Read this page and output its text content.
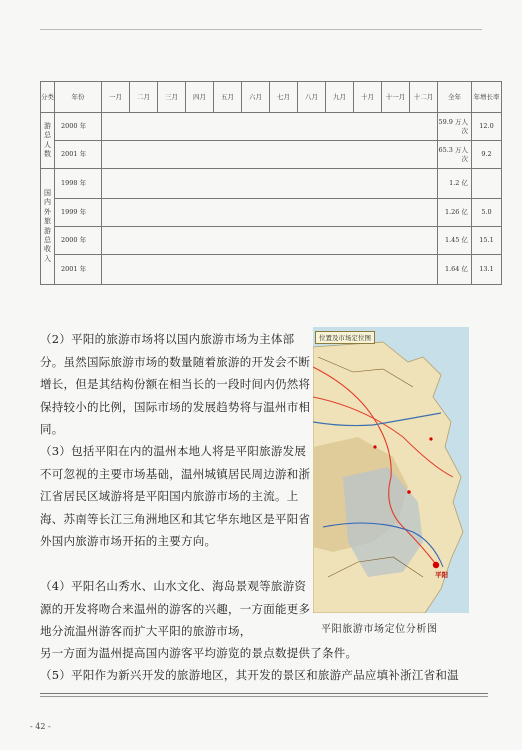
分类	年份	一月	二月	三月	四月	五月	六月	七月	八月	九月	十月	十一月	十二月	全年	年增长率
游总人数	2000 年													59.9 万人次	12.0
	2001 年													65.3 万人次	9.2
国内外旅游总收入	1998 年													1.2 亿	
	1999 年													1.26 亿	5.0
	2000 年													1.45 亿	15.1
	2001 年													1.64 亿	13.1

（2）平阳的旅游市场将以国内旅游市场为主体部分。虽然国际旅游市场的数量随着旅游的开发会不断增长，但是其结构份额在相当长的一段时间内仍然将保持较小的比例，国际市场的发展趋势将与温州市相同。

（3）包括平阳在内的温州本地人将是平阳旅游发展不可忽视的主要市场基础，温州城镇居民周边游和浙江省居民区域游将是平阳国内旅游市场的主流。上海、苏南等长江三角洲地区和其它华东地区是平阳省外国内旅游市场开拓的主要方向。

（4）平阳名山秀水、山水文化、海岛景观等旅游资源的开发将吻合来温州的游客的兴趣，一方面能更多地分流温州游客而扩大平阳的旅游市场，

另一方面为温州提高国内游客平均游览的景点数提供了条件。

（5）平阳作为新兴开发的旅游地区，其开发的景区和旅游产品应填补浙江省和温

位置及市场定位图
平阳
平阳旅游市场定位分析图
- 42 -
